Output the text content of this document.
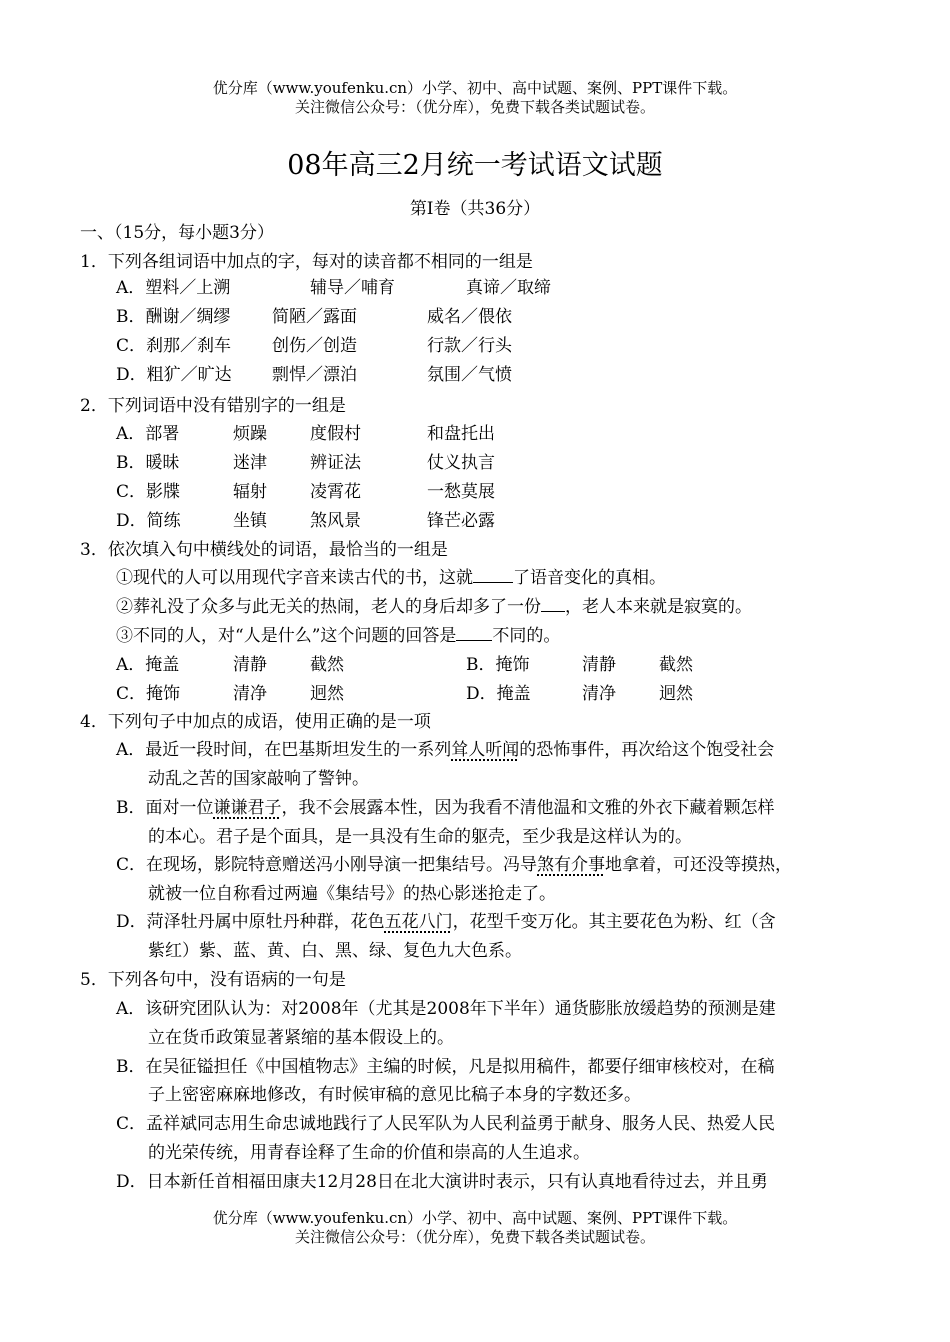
优分库（www.youfenku.cn）小学、初中、高中试题、案例、PPT课件下载。
关注微信公众号：（优分库），免费下载各类试题试卷。
08年高三2月统一考试语文试题
第Ⅰ卷（共36分）
一、（15分，每小题3分）
1．下列各组词语中加点的字，每对的读音都不相同的一组是
A．塑料／上溯	辅导／哺育	真谛／取缔
B．酬谢／绸缪 简陋／露面	威名／偎依
C．刹那／刹车 创伤／创造	行款／行头
D．粗犷／旷达 剽悍／漂泊	氛围／气愤
2．下列词语中没有错别字的一组是
A．部署	烦躁	度假村	和盘托出
B．暖昧	迷津	辨证法	仗义执言
C．影牒	辐射	凌霄花	一愁莫展
D．简练	坐镇	煞风景	锋芒必露
3．依次填入句中横线处的词语，最恰当的一组是
①现代的人可以用现代字音来读古代的书，这就 了语音变化的真相。
②葬礼没了众多与此无关的热闹，老人的身后却多了一份 ，老人本来就是寂寞的。
③不同的人，对“人是什么”这个问题的回答是 不同的。
A．掩盖	清静	截然	B．掩饰	清静	截然
C．掩饰	清净	迥然	D．掩盖	清净	迥然
4．下列句子中加点的成语，使用正确的是一项
A．最近一段时间，在巴基斯坦发生的一系列耸人听闻的恐怖事件，再次给这个饱受社会
动乱之苦的国家敲响了警钟。
B．面对一位谦谦君子，我不会展露本性，因为我看不清他温和文雅的外衣下藏着颗怎样
的本心。君子是个面具，是一具没有生命的躯壳，至少我是这样认为的。
C．在现场，影院特意赠送冯小刚导演一把集结号。冯导煞有介事地拿着，可还没等摸热，
就被一位自称看过两遍《集结号》的热心影迷抢走了。
D．菏泽牡丹属中原牡丹种群，花色五花八门，花型千变万化。其主要花色为粉、红（含
紫红）紫、蓝、黄、白、黑、绿、复色九大色系。
5．下列各句中，没有语病的一句是
A．该研究团队认为：对2008年（尤其是2008年下半年）通货膨胀放缓趋势的预测是建
立在货币政策显著紧缩的基本假设上的。
B．在吴征镒担任《中国植物志》主编的时候，凡是拟用稿件，都要仔细审核校对，在稿
子上密密麻麻地修改，有时候审稿的意见比稿子本身的字数还多。
C．孟祥斌同志用生命忠诚地践行了人民军队为人民利益勇于献身、服务人民、热爱人民
的光荣传统，用青春诠释了生命的价值和崇高的人生追求。
D．日本新任首相福田康夫12月28日在北大演讲时表示，只有认真地看待过去，并且勇
优分库（www.youfenku.cn）小学、初中、高中试题、案例、PPT课件下载。
关注微信公众号：（优分库），免费下载各类试题试卷。
